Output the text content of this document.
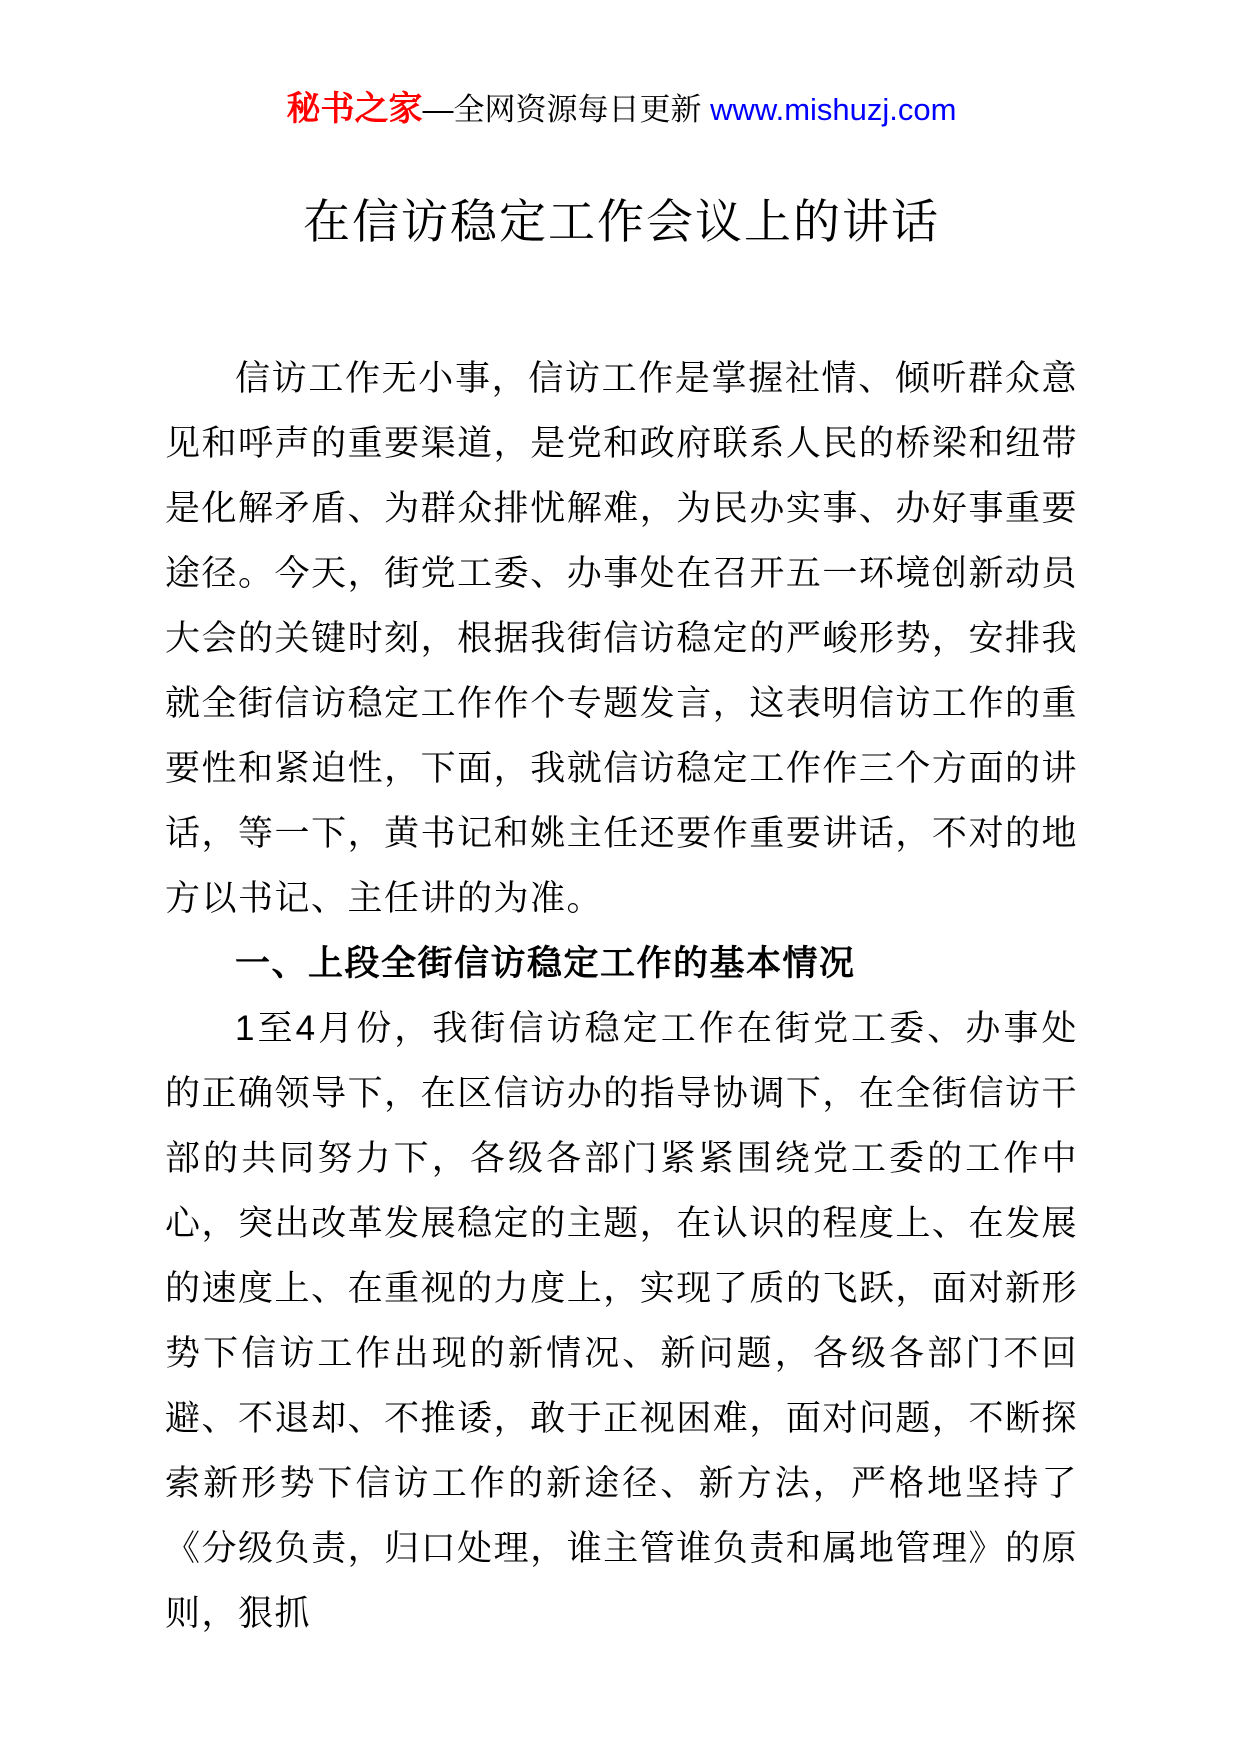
秘书之家—全网资源每日更新 www.mishuzj.com
在信访稳定工作会议上的讲话

信访工作无小事，信访工作是掌握社情、倾听群众意见和呼声的重要渠道，是党和政府联系人民的桥梁和纽带是化解矛盾、为群众排忧解难，为民办实事、办好事重要途径。今天，街党工委、办事处在召开五一环境创新动员大会的关键时刻，根据我街信访稳定的严峻形势，安排我就全街信访稳定工作作个专题发言，这表明信访工作的重要性和紧迫性，下面，我就信访稳定工作作三个方面的讲话，等一下，黄书记和姚主任还要作重要讲话，不对的地方以书记、主任讲的为准。

一、上段全街信访稳定工作的基本情况

1至4月份，我街信访稳定工作在街党工委、办事处的正确领导下，在区信访办的指导协调下，在全街信访干部的共同努力下，各级各部门紧紧围绕党工委的工作中心，突出改革发展稳定的主题，在认识的程度上、在发展的速度上、在重视的力度上，实现了质的飞跃，面对新形势下信访工作出现的新情况、新问题，各级各部门不回避、不退却、不推诿，敢于正视困难，面对问题，不断探索新形势下信访工作的新途径、新方法，严格地坚持了《分级负责，归口处理，谁主管谁负责和属地管理》的原则，狠抓
